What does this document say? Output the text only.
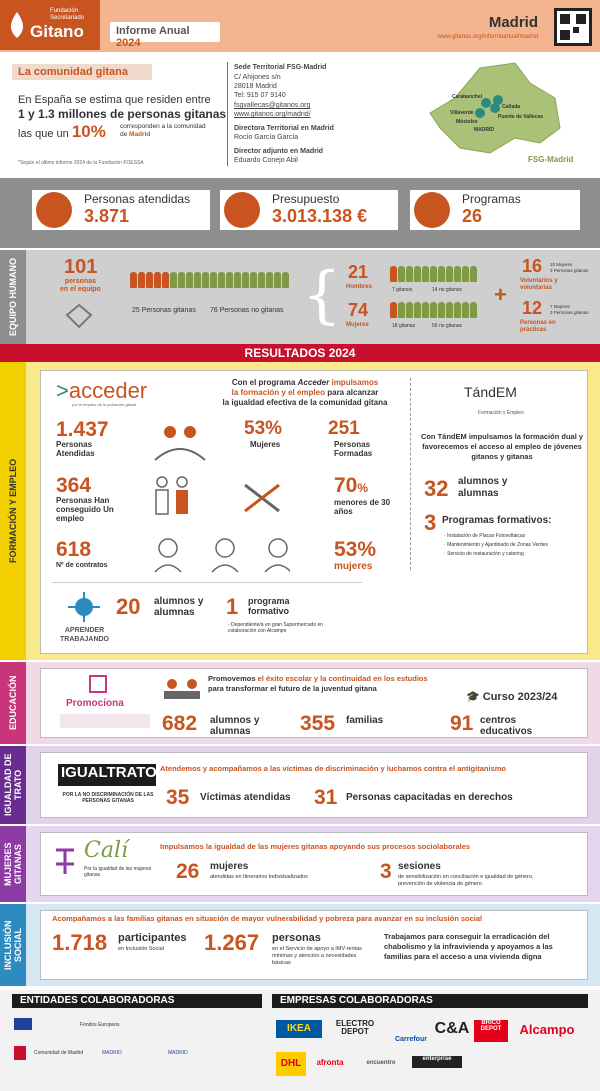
Fundación
Secretariado
Gitano	Informe Anual 2024
Madrid
www.gitanos.org/informeanual/madrid
La comunidad gitana
En España se estima que residen entre
1 y 1.3 millones de personas gitanas
las que un 10% corresponden a la comunidad
de Madrid
*Según el último informe 2024 de la Fundación FOESSA
Sede Territorial FSG-Madrid
C/ Ahijones s/n
28018 Madrid
Tel: 915 07 9140
fsgvallecas@gitanos.org
www.gitanos.org/madrid/
Directora Territorial en Madrid
Rocío García García
Director adjunto en Madrid
Eduardo Conejo Abil
Carabanchel
Villaverde
Cañada
Puente de Vallecas
Móstoles
MADRID
FSG-Madrid
Personas atendidas
3.871
Presupuesto
3.013.138 €
Programas
26
EQUIPO HUMANO	101
personas
en el equipo
25 Personas gitanas 76 Personas no gitanas { 21
Hombres	7 gitanos	14 no gitanos
74
Mujeres	18 gitanas	56 no gitanas
+
16 10 Mujeres
3 Personas gitanas
Voluntarios y voluntarias
12 7 Mujeres
3 Personas gitanas
Personas en prácticas
RESULTADOS 2024
FORMACIÓN Y EMPLEO
>acceder
por el empleo de la población gitana
Con el programa Acceder impulsamos
la formación y el empleo para alcanzar
la igualdad efectiva de la comunidad gitana
1.437
Personas Atendidas
53%
Mujeres
251
Personas Formadas
364
Personas Han conseguido Un empleo
70%
menores de 30 años
618
Nº de contratos
53%
mujeres
TándEM
Formación y Empleo
Con TándEM impulsamos la formación dual y favorecemos el acceso al empleo de jóvenes gitanos y gitanas
32 alumnos y alumnas
3 Programas formativos:
· Instalación de Placas Fotovoltaicas
· Mantenimiento y Ajardinado de Zonas Verdes
· Servicio de restauración y catering
APRENDER
TRABAJANDO
20 alumnos y alumnas	1 programa formativo
- Dependiente/a en gran Supermercado en colaboración con Alcampo
EDUCACIÓN	Promociona
Promovemos el éxito escolar y la continuidad en los estudios
para transformar el futuro de la juventud gitana
🎓 Curso 2023/24
682 alumnos y alumnas	355 familias	91 centros educativos
IGUALDAD DE TRATO	IGUALTRATO
POR LA NO DISCRIMINACIÓN DE LAS PERSONAS GITANAS
Atendemos y acompañamos a las víctimas de discriminación y luchamos contra el antigitanismo
35 Víctimas atendidas 31 Personas capacitadas en derechos
MUJERES GITANAS	Calí
Por la igualdad de las mujeres gitanas
Impulsamos la igualdad de las mujeres gitanas apoyando sus procesos sociolaborales
26 mujeres
atendidas en Itinerarios Individualizados	3 sesiones
de sensibilización en conciliación e igualdad de género, prevención de violencia de género
INCLUSIÓN SOCIAL
Acompañamos a las familias gitanas en situación de mayor vulnerabilidad y pobreza para avanzar en su inclusión social
1.718 participantes
en Inclusión Social 1.267 personas
en el Servicio de apoyo a IMV-rentas mínimas y atención a necesidades básicas
Trabajamos para conseguir la erradicación del chabolismo y la infravivienda y apoyamos a las familias para el acceso a una vivienda digna
ENTIDADES COLABORADORAS	EMPRESAS COLABORADORAS
Fondos Europeos
Comunidad de Madrid	MADRID	MADRID
IKEA	ELECTRO DEPOT
Carrefour
C&A	BRICO DEPOT	Alcampo
DHL	afronta	encuentro
enterprise
